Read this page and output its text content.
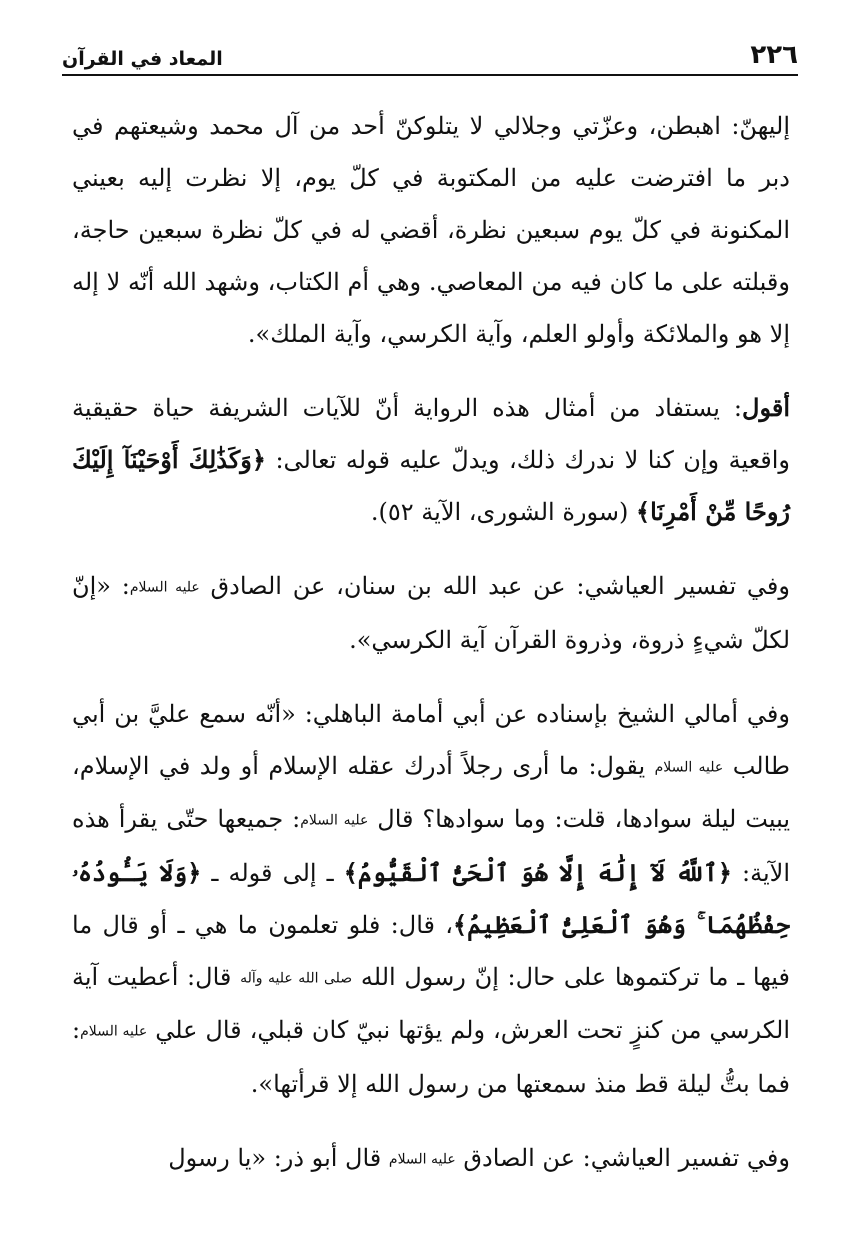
٢٢٦
المعاد في القرآن

إليهنّ: اهبطن، وعزّتي وجلالي لا يتلوكنّ أحد من آل محمد وشيعتهم في دبر ما افترضت عليه من المكتوبة في كلّ يوم، إلا نظرت إليه بعيني المكنونة في كلّ يوم سبعين نظرة، أقضي له في كلّ نظرة سبعين حاجة، وقبلته على ما كان فيه من المعاصي. وهي أم الكتاب، وشهد الله أنّه لا إله إلا هو والملائكة وأولو العلم، وآية الكرسي، وآية الملك».

أقول: يستفاد من أمثال هذه الرواية أنّ للآيات الشريفة حياة حقيقية واقعية وإن كنا لا ندرك ذلك، ويدلّ عليه قوله تعالى: ﴿وَكَذَٰلِكَ أَوْحَيْنَآ إِلَيْكَ رُوحًا مِّنْ أَمْرِنَا﴾ (سورة الشورى، الآية ٥٢).

وفي تفسير العياشي: عن عبد الله بن سنان، عن الصادق عليه السلام: «إنّ لكلّ شيءٍ ذروة، وذروة القرآن آية الكرسي».

وفي أمالي الشيخ بإسناده عن أبي أمامة الباهلي: «أنّه سمع عليَّ بن أبي طالب عليه السلام يقول: ما أرى رجلاً أدرك عقله الإسلام أو ولد في الإسلام، يبيت ليلة سوادها، قلت: وما سوادها؟ قال عليه السلام: جميعها حتّى يقرأ هذه الآية: ﴿ٱللَّهُ لَآ إِلَٰهَ إِلَّا هُوَ ٱلْحَىُّ ٱلْقَيُّومُ﴾ ـ إلى قوله ـ ﴿وَلَا يَـُٔودُهُۥ حِفْظُهُمَا ۚ وَهُوَ ٱلْعَلِىُّ ٱلْعَظِيمُ﴾، قال: فلو تعلمون ما هي ـ أو قال ما فيها ـ ما تركتموها على حال: إنّ رسول الله صلى الله عليه وآله قال: أعطيت آية الكرسي من كنزٍ تحت العرش، ولم يؤتها نبيّ كان قبلي، قال علي عليه السلام: فما بتُّ ليلة قط منذ سمعتها من رسول الله إلا قرأتها».

وفي تفسير العياشي: عن الصادق عليه السلام قال أبو ذر: «يا رسول
